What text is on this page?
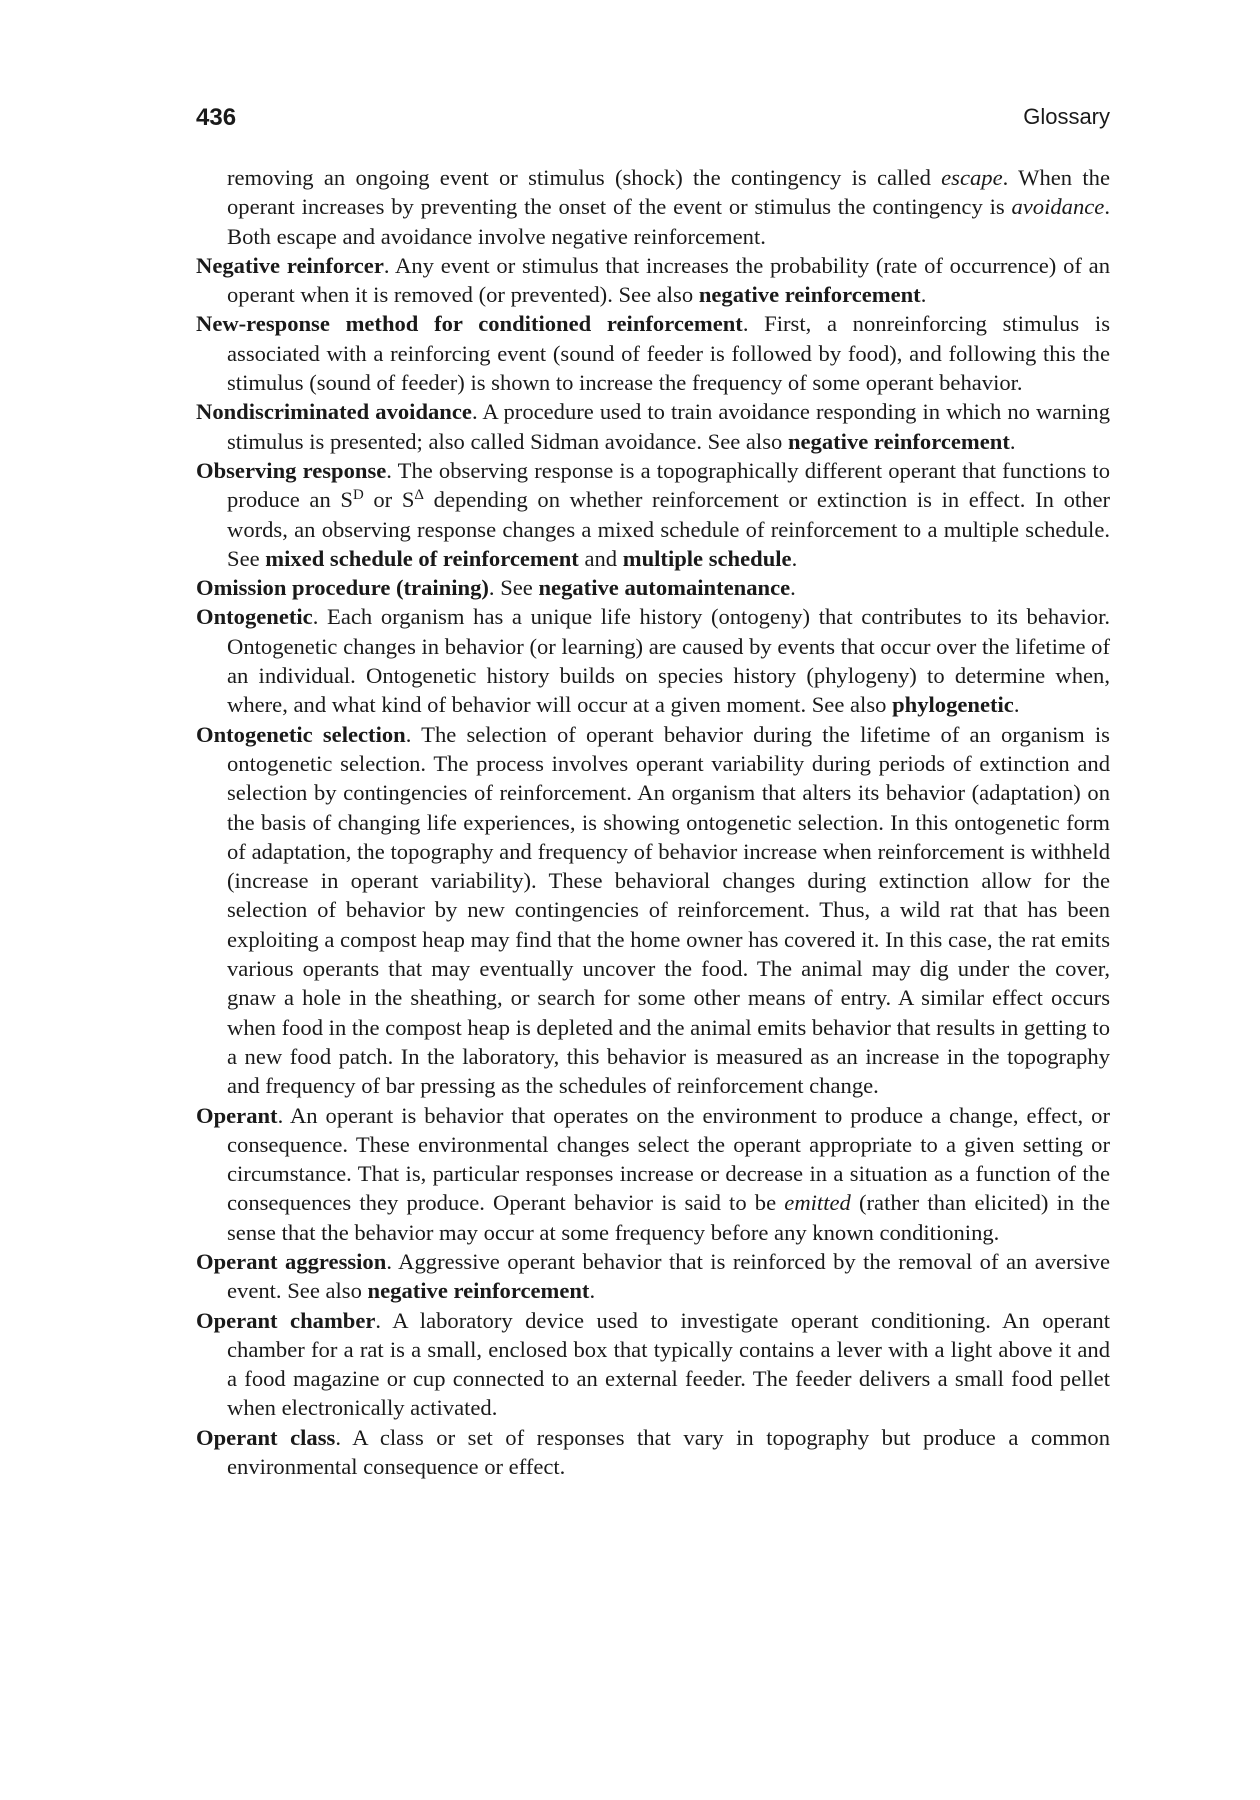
436	Glossary

removing an ongoing event or stimulus (shock) the contingency is called escape. When the operant increases by preventing the onset of the event or stimulus the contingency is avoidance. Both escape and avoidance involve negative reinforcement.

Negative reinforcer. Any event or stimulus that increases the probability (rate of occurrence) of an operant when it is removed (or prevented). See also negative reinforcement.

New-response method for conditioned reinforcement. First, a nonreinforcing stimulus is associated with a reinforcing event (sound of feeder is followed by food), and following this the stimulus (sound of feeder) is shown to increase the frequency of some operant behavior.

Nondiscriminated avoidance. A procedure used to train avoidance responding in which no warning stimulus is presented; also called Sidman avoidance. See also negative reinforcement.

Observing response. The observing response is a topographically different operant that functions to produce an $S^D$ or $S^\Delta$ depending on whether reinforcement or extinction is in effect. In other words, an observing response changes a mixed schedule of reinforcement to a multiple schedule. See mixed schedule of reinforcement and multiple schedule.

Omission procedure (training). See negative automaintenance.

Ontogenetic. Each organism has a unique life history (ontogeny) that contributes to its behavior. Ontogenetic changes in behavior (or learning) are caused by events that occur over the lifetime of an individual. Ontogenetic history builds on species history (phylogeny) to determine when, where, and what kind of behavior will occur at a given moment. See also phylogenetic.

Ontogenetic selection. The selection of operant behavior during the lifetime of an organism is ontogenetic selection. The process involves operant variability during periods of extinction and selection by contingencies of reinforcement. An organism that alters its behavior (adaptation) on the basis of changing life experiences, is showing ontogenetic selection. In this ontogenetic form of adaptation, the topography and frequency of behavior increase when reinforcement is withheld (increase in operant variability). These behavioral changes during extinction allow for the selection of behavior by new contingencies of reinforcement. Thus, a wild rat that has been exploiting a compost heap may find that the home owner has covered it. In this case, the rat emits various operants that may eventually uncover the food. The animal may dig under the cover, gnaw a hole in the sheathing, or search for some other means of entry. A similar effect occurs when food in the compost heap is depleted and the animal emits behavior that results in getting to a new food patch. In the laboratory, this behavior is measured as an increase in the topography and frequency of bar pressing as the schedules of reinforcement change.

Operant. An operant is behavior that operates on the environment to produce a change, effect, or consequence. These environmental changes select the operant appropriate to a given setting or circumstance. That is, particular responses increase or decrease in a situation as a function of the consequences they produce. Operant behavior is said to be emitted (rather than elicited) in the sense that the behavior may occur at some frequency before any known conditioning.

Operant aggression. Aggressive operant behavior that is reinforced by the removal of an aversive event. See also negative reinforcement.

Operant chamber. A laboratory device used to investigate operant conditioning. An operant chamber for a rat is a small, enclosed box that typically contains a lever with a light above it and a food magazine or cup connected to an external feeder. The feeder delivers a small food pellet when electronically activated.

Operant class. A class or set of responses that vary in topography but produce a common environmental consequence or effect.
